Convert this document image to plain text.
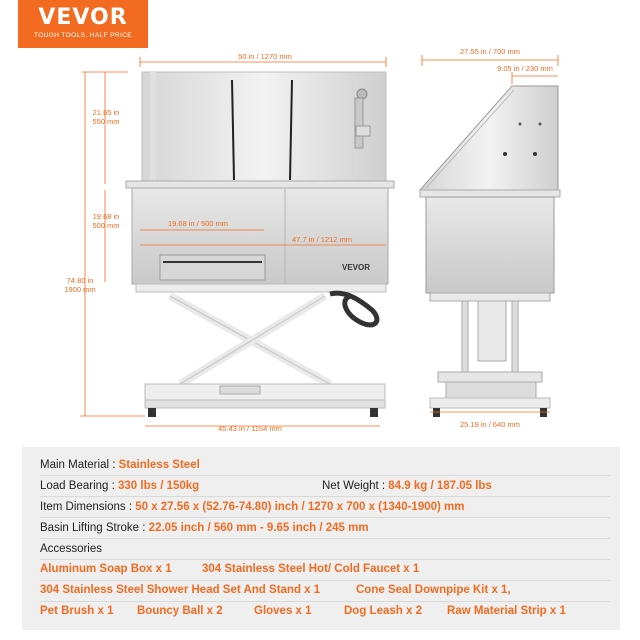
VEVOR
TOUGH TOOLS, HALF PRICE
50 in / 1270 mm
21.65 in
550 mm
19.68 in
500 mm
74.80 in
1900 mm
19.68 in / 500 mm
47.7 in / 1212 mm
45.43 in / 1154 mm
VEVOR
27.55 in / 700 mm
9.05 in / 230 mm
25.19 in / 640 mm
Main Material : Stainless Steel
Load Bearing : 330 lbs / 150kg	Net Weight : 84.9 kg / 187.05 lbs
Item Dimensions : 50 x 27.56 x (52.76-74.80) inch / 1270 x 700 x (1340-1900) mm
Basin Lifting Stroke : 22.05 inch / 560 mm - 9.65 inch / 245 mm
Accessories
Aluminum Soap Box x 1	304 Stainless Steel Hot/ Cold Faucet x 1
304 Stainless Steel Shower Head Set And Stand x 1	Cone Seal Downpipe Kit x 1,
Pet Brush x 1 Bouncy Ball x 2	Gloves x 1	Dog Leash x 2 Raw Material Strip x 1
